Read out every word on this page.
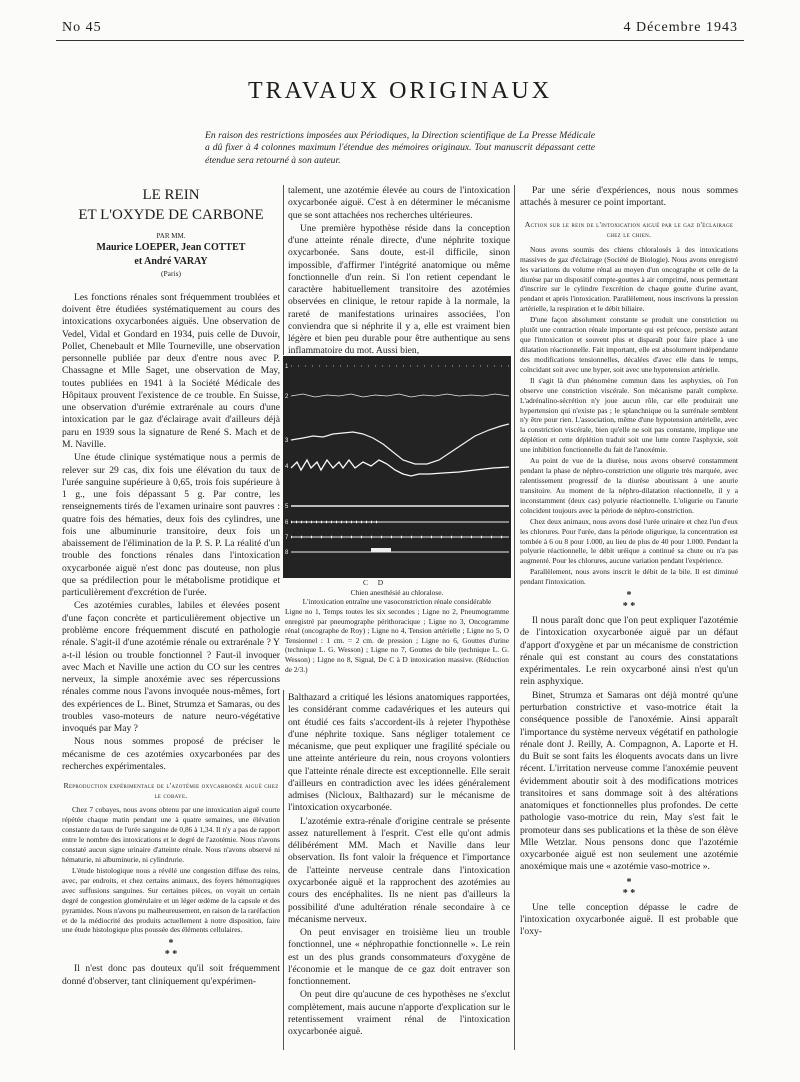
No 45	4 Décembre 1943
TRAVAUX ORIGINAUX
En raison des restrictions imposées aux Périodiques, la Direction scientifique de La Presse Médicale a dû fixer à 4 colonnes maximum l'étendue des mémoires originaux. Tout manuscrit dépassant cette étendue sera retourné à son auteur.
LE REIN
ET L'OXYDE DE CARBONE
PAR MM.
Maurice LOEPER, Jean COTTET
et André VARAY
(Paris)

Les fonctions rénales sont fréquemment troublées et doivent être étudiées systématiquement au cours des intoxications oxycarbonées aiguës. Une observation de Vedel, Vidal et Gondard en 1934, puis celle de Duvoir, Pollet, Chenebault et Mlle Tourneville, une observation personnelle publiée par deux d'entre nous avec P. Chassagne et Mlle Saget, une observation de May, toutes publiées en 1941 à la Société Médicale des Hôpitaux prouvent l'existence de ce trouble. En Suisse, une observation d'urémie extrarénale au cours d'une intoxication par le gaz d'éclairage avait d'ailleurs déjà paru en 1939 sous la signature de René S. Mach et de M. Naville.

Une étude clinique systématique nous a permis de relever sur 29 cas, dix fois une élévation du taux de l'urée sanguine supérieure à 0,65, trois fois supérieure à 1 g., une fois dépassant 5 g. Par contre, les renseignements tirés de l'examen urinaire sont pauvres : quatre fois des hématies, deux fois des cylindres, une fois une albuminurie transitoire, deux fois un abaissement de l'élimination de la P. S. P. La réalité d'un trouble des fonctions rénales dans l'intoxication oxycarbonée aiguë n'est donc pas douteuse, non plus que sa prédilection pour le métabolisme protidique et particulièrement d'excrétion de l'urée.

Ces azotémies curables, labiles et élevées posent d'une façon concrète et particulièrement objective un problème encore fréquemment discuté en pathologie rénale. S'agit-il d'une azotémie rénale ou extrarénale ? Y a-t-il lésion ou trouble fonctionnel ? Faut-il invoquer avec Mach et Naville une action du CO sur les centres nerveux, la simple anoxémie avec ses répercussions rénales comme nous l'avons invoquée nous-mêmes, fort des expériences de L. Binet, Strumza et Samaras, ou des troubles vaso-moteurs de nature neuro-végétative invoqués par May ?

Nous nous sommes proposé de préciser le mécanisme de ces azotémies oxycarbonées par des recherches expérimentales.

Reproduction expérimentale de l'azotémie oxycarbonée aiguë chez le cobaye.

Chez 7 cobayes, nous avons obtenu par une intoxication aiguë courte répétée chaque matin pendant une à quatre semaines, une élévation constante du taux de l'urée sanguine de 0,86 à 1,34. Il n'y a pas de rapport entre le nombre des intoxications et le degré de l'azotémie. Nous n'avons constaté aucun signe urinaire d'atteinte rénale. Nous n'avons observé ni hématurie, ni albuminurie, ni cylindrurie.

L'étude histologique nous a révélé une congestion diffuse des reins, avec, par endroits, et chez certains animaux, des foyers hémorragiques avec suffusions sanguines. Sur certaines pièces, on voyait un certain degré de congestion glomérulaire et un léger œdème de la capsule et des pyramides. Nous n'avons pu malheureusement, en raison de la raréfaction et de la médiocrité des produits actuellement à notre disposition, faire une étude histologique plus poussée des éléments cellulaires.

*
* *

Il n'est donc pas douteux qu'il soit fréquemment donné d'observer, tant cliniquement qu'expérimen-

talement, une azotémie élevée au cours de l'intoxication oxycarbonée aiguë. C'est à en déterminer le mécanisme que se sont attachées nos recherches ultérieures.

Une première hypothèse réside dans la conception d'une atteinte rénale directe, d'une néphrite toxique oxycarbonée. Sans doute, est-il difficile, sinon impossible, d'affirmer l'intégrité anatomique ou même fonctionnelle d'un rein. Si l'on retient cependant le caractère habituellement transitoire des azotémies observées en clinique, le retour rapide à la normale, la rareté de manifestations urinaires associées, l'on conviendra que si néphrite il y a, elle est vraiment bien légère et bien peu durable pour être authentique au sens inflammatoire du mot. Aussi bien,

1
2
3
4
5
6
7
8
C D
Chien anesthésié au chloralose.
L'intoxication entraîne une vasoconstriction rénale considérable
Ligne no 1, Temps toutes les six secondes ; Ligne no 2, Pneumogramme enregistré par pneumographe périthoracique ; Ligne no 3, Oncogramme rénal (oncographe de Roy) ; Ligne no 4, Tension artérielle ; Ligne no 5, O Tensionnel : 1 cm. = 2 cm. de pression ; Ligne no 6, Gouttes d'urine (technique L. G. Wesson) ; Ligne no 7, Gouttes de bile (technique L. G. Wesson) ; Ligne no 8, Signal, De C à D intoxication massive. (Réduction de 2/3.)

Balthazard a critiqué les lésions anatomiques rapportées, les considérant comme cadavériques et les auteurs qui ont étudié ces faits s'accordent-ils à rejeter l'hypothèse d'une néphrite toxique. Sans négliger totalement ce mécanisme, que peut expliquer une fragilité spéciale ou une atteinte antérieure du rein, nous croyons volontiers que l'atteinte rénale directe est exceptionnelle. Elle serait d'ailleurs en contradiction avec les idées généralement admises (Nicloux, Balthazard) sur le mécanisme de l'intoxication oxycarbonée.

L'azotémie extra-rénale d'origine centrale se présente assez naturellement à l'esprit. C'est elle qu'ont admis délibérément MM. Mach et Naville dans leur observation. Ils font valoir la fréquence et l'importance de l'atteinte nerveuse centrale dans l'intoxication oxycarbonée aiguë et la rapprochent des azotémies au cours des encéphalites. Ils ne nient pas d'ailleurs la possibilité d'une adultération rénale secondaire à ce mécanisme nerveux.

On peut envisager en troisième lieu un trouble fonctionnel, une « néphropathie fonctionnelle ». Le rein est un des plus grands consommateurs d'oxygène de l'économie et le manque de ce gaz doit entraver son fonctionnement.

On peut dire qu'aucune de ces hypothèses ne s'exclut complètement, mais aucune n'apporte d'explication sur le retentissement vraiment rénal de l'intoxication oxycarbonée aiguë.

Par une série d'expériences, nous nous sommes attachés à mesurer ce point important.

Action sur le rein de l'intoxication aiguë par le gaz d'éclairage chez le chien.

Nous avons soumis des chiens chloralosés à des intoxications massives de gaz d'éclairage (Société de Biologie). Nous avons enregistré les variations du volume rénal au moyen d'un oncographe et celle de la diurèse par un dispositif compte-gouttes à air comprimé, nous permettant d'inscrire sur le cylindre l'excrétion de chaque goutte d'urine avant, pendant et après l'intoxication. Parallèlement, nous inscrivons la pression artérielle, la respiration et le débit biliaire.

D'une façon absolument constante se produit une constriction ou plutôt une contraction rénale importante qui est précoce, persiste autant que l'intoxication et souvent plus et disparaît pour faire place à une dilatation réactionnelle. Fait important, elle est absolument indépendante des modifications tensionnelles, décalées d'avec elle dans le temps, coïncidant soit avec une hyper, soit avec une hypotension artérielle.

Il s'agit là d'un phénomène commun dans les asphyxies, où l'on observe une constriction viscérale. Son mécanisme paraît complexe. L'adrénalino-sécrétion n'y joue aucun rôle, car elle produirait une hypertension qui n'existe pas ; le splanchnique ou la surrénale semblent n'y être pour rien. L'association, même d'une hypotension artérielle, avec la constriction viscérale, bien qu'elle ne soit pas constante, implique une déplétion et cette déplétion traduit soit une lutte contre l'asphyxie, soit une inhibition fonctionnelle du fait de l'anoxémie.

Au point de vue de la diurèse, nous avons observé constamment pendant la phase de néphro-constriction une oligurie très marquée, avec ralentissement progressif de la diurèse aboutissant à une anurie transitoire. Au moment de la néphro-dilatation réactionnelle, il y a inconstamment (deux cas) polyurie réactionnelle. L'oligurie ou l'anurie coïncident toujours avec la période de néphro-constriction.

Chez deux animaux, nous avons dosé l'urée urinaire et chez l'un d'eux les chlorures. Pour l'urée, dans la période oligurique, la concentration est tombée à 6 ou 8 pour 1.000, au lieu de plus de 40 pour 1.000. Pendant la polyurie réactionnelle, le débit uréique a continué sa chute ou n'a pas augmenté. Pour les chlorures, aucune variation pendant l'expérience.

Parallèlement, nous avons inscrit le débit de la bile. Il est diminué pendant l'intoxication.

*
* *

Il nous paraît donc que l'on peut expliquer l'azotémie de l'intoxication oxycarbonée aiguë par un défaut d'apport d'oxygène et par un mécanisme de constriction rénale qui est constant au cours des constatations expérimentales. Le rein oxycarboné ainsi n'est qu'un rein asphyxique.

Binet, Strumza et Samaras ont déjà montré qu'une perturbation constrictive et vaso-motrice était la conséquence possible de l'anoxémie. Ainsi apparaît l'importance du système nerveux végétatif en pathologie rénale dont J. Reilly, A. Compagnon, A. Laporte et H. du Buit se sont faits les éloquents avocats dans un livre récent. L'irritation nerveuse comme l'anoxémie peuvent évidemment aboutir soit à des modifications motrices transitoires et sans dommage soit à des altérations anatomiques et fonctionnelles plus profondes. De cette pathologie vaso-motrice du rein, May s'est fait le promoteur dans ses publications et la thèse de son élève Mlle Wetzlar. Nous pensons donc que l'azotémie oxycarbonée aiguë est non seulement une azotémie anoxémique mais une « azotémie vaso-motrice ».

*
* *

Une telle conception dépasse le cadre de l'intoxication oxycarbonée aiguë. Il est probable que l'oxy-
